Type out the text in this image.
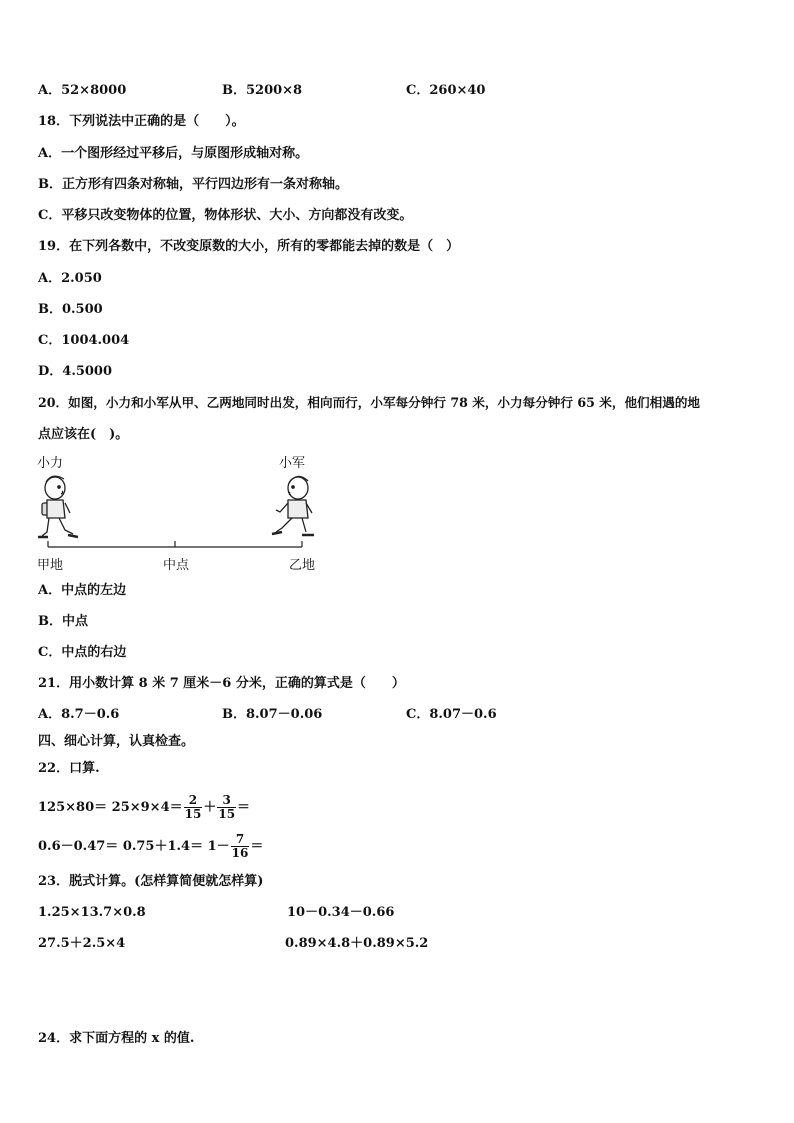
A．52×8000	B．5200×8	C．260×40
18．下列说法中正确的是（　　）。
A．一个图形经过平移后，与原图形成轴对称。
B．正方形有四条对称轴，平行四边形有一条对称轴。
C．平移只改变物体的位置，物体形状、大小、方向都没有改变。
19．在下列各数中，不改变原数的大小，所有的零都能去掉的数是（　）
A．2.050
B．0.500
C．1004.004
D．4.5000
20．如图，小力和小军从甲、乙两地同时出发，相向而行，小军每分钟行 78 米，小力每分钟行 65 米，他们相遇的地
点应该在(　)。
小力	小军
甲地	中点	乙地
A．中点的左边
B．中点
C．中点的右边
21．用小数计算 8 米 7 厘米－6 分米，正确的算式是（　　）
A．8.7－0.6	B．8.07－0.06	C．8.07－0.6
四、细心计算，认真检查。
22．口算.
$125\times 80= 25\times 9\times 4= \frac{2}{15} + \frac{3}{15}$ ＝
$0.6-0.47= 0.75+1.4= 1- \frac{7}{16}$ ＝
23．脱式计算。(怎样算简便就怎样算)
1.25×13.7×0.8	10－0.34－0.66
27.5＋2.5×4	0.89×4.8＋0.89×5.2
24．求下面方程的 x 的值.
